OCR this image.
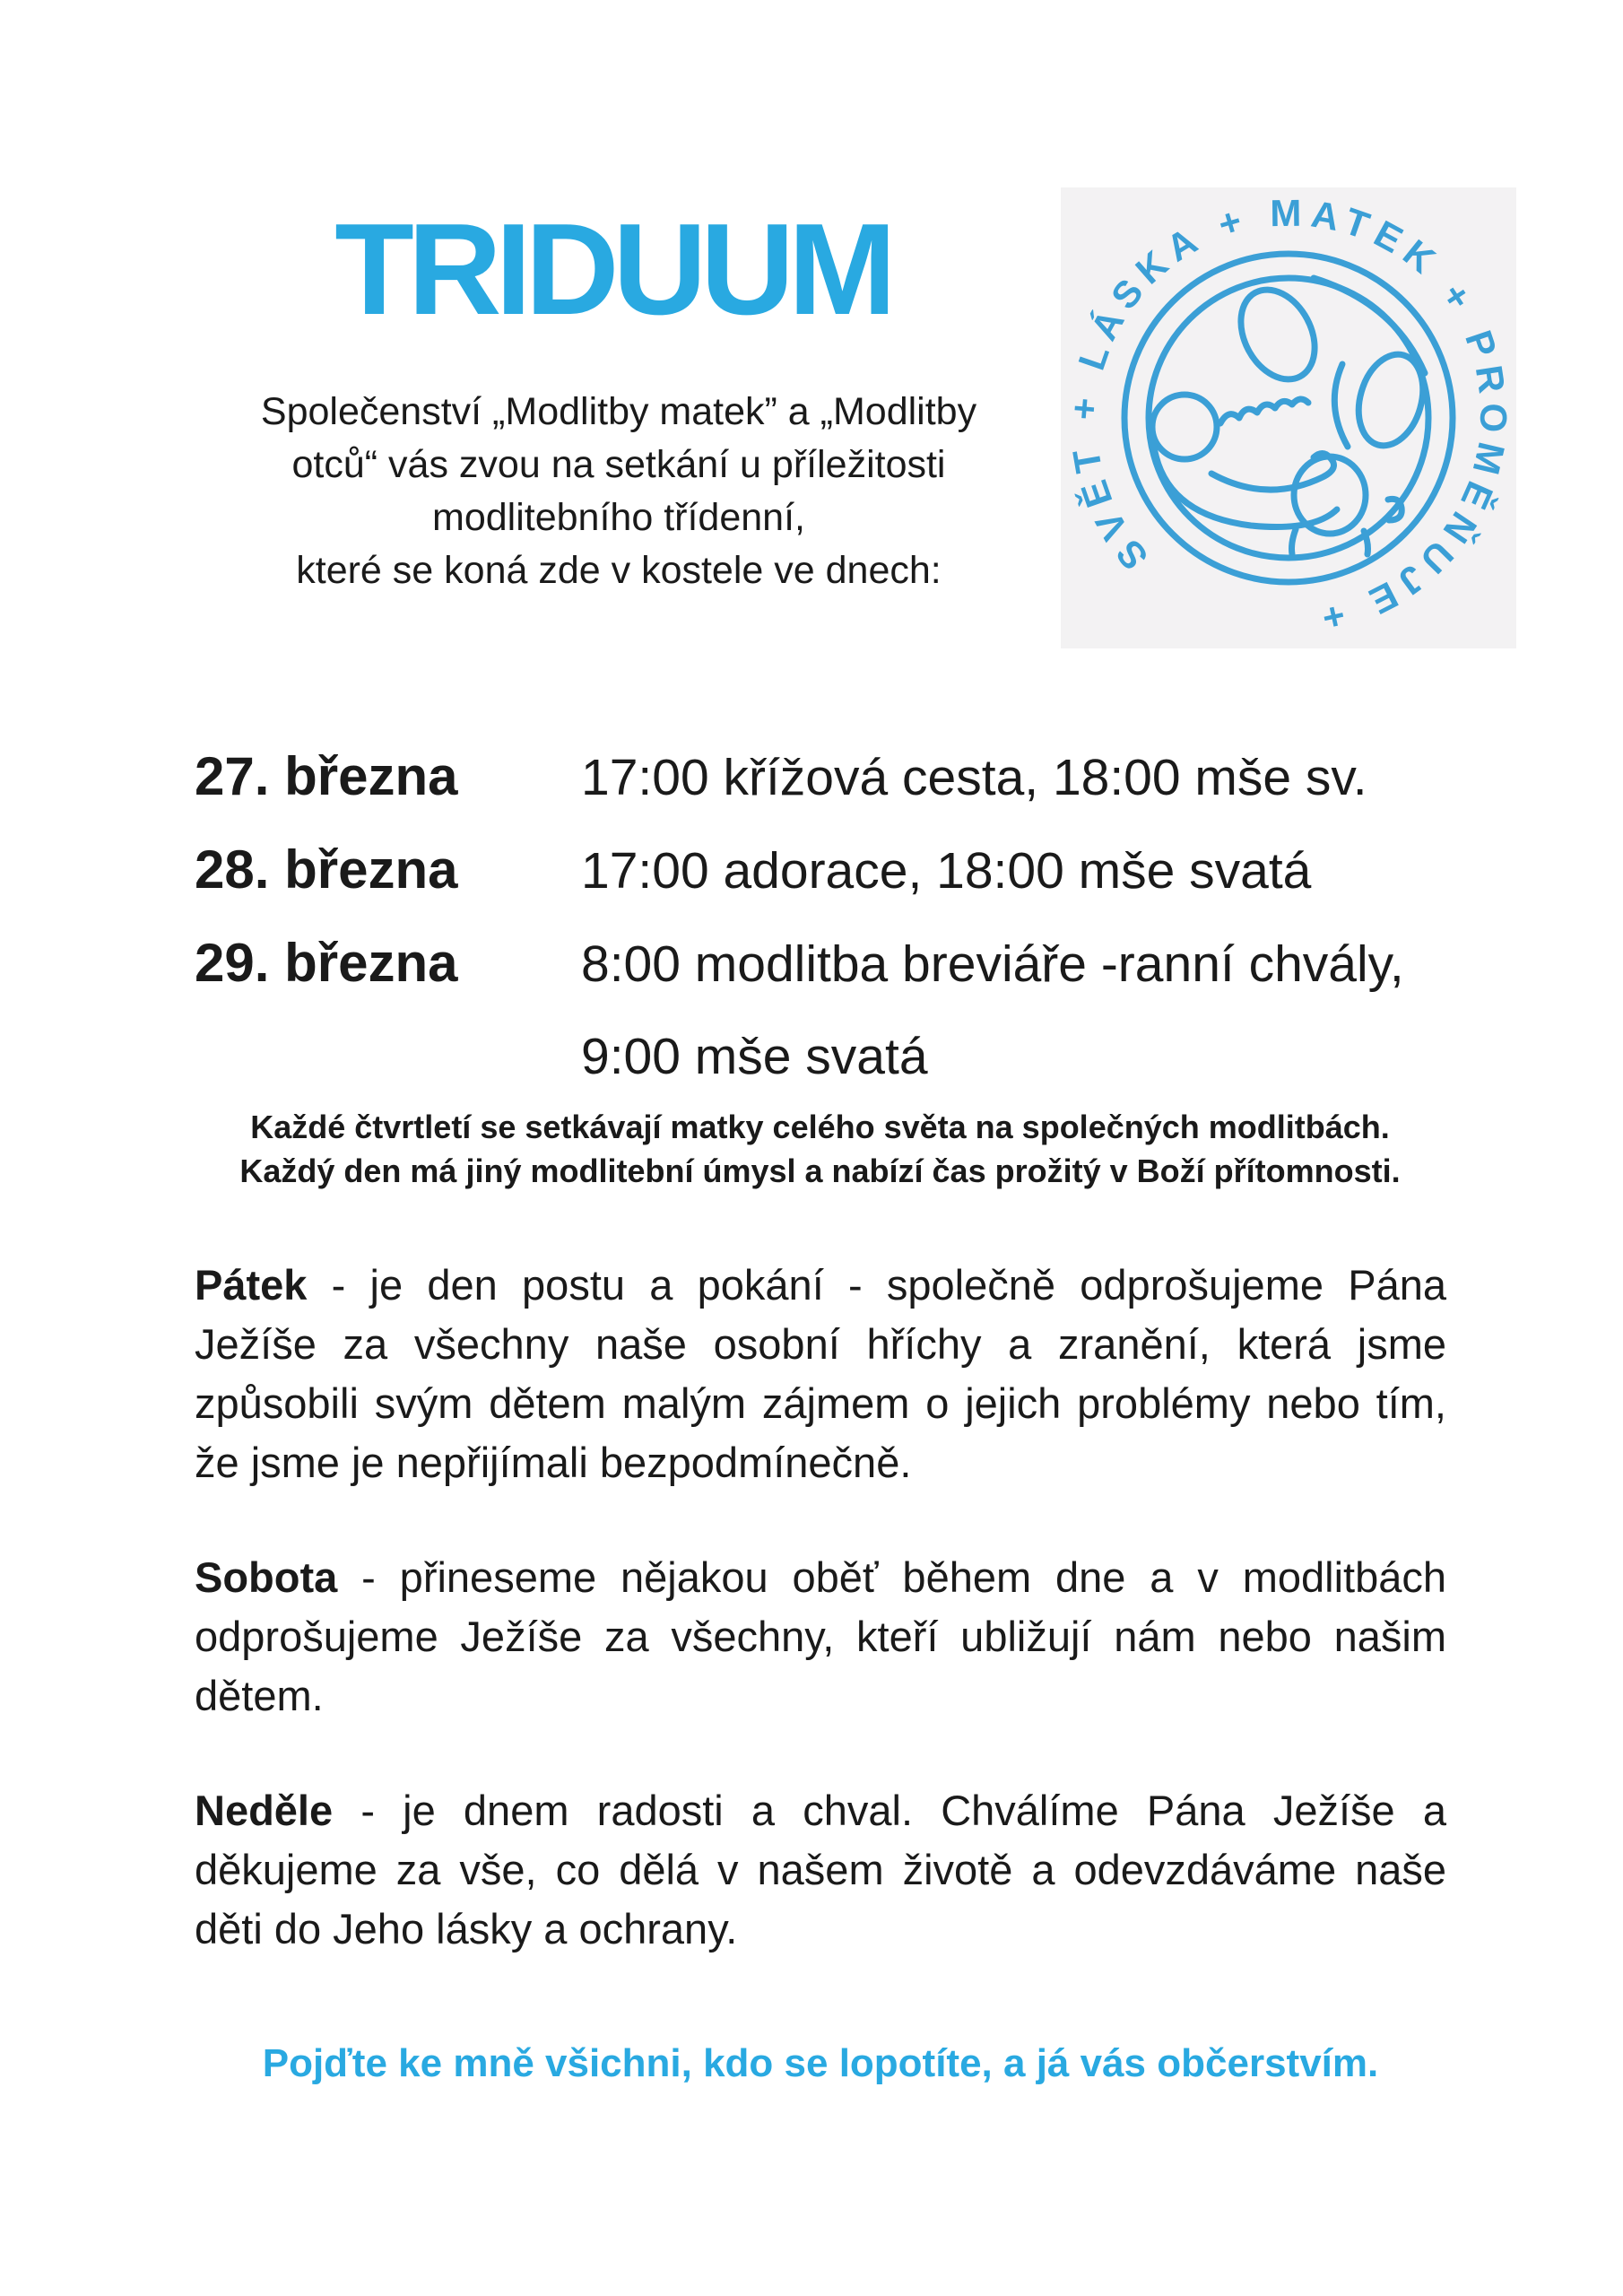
TRIDUUM
Společenství „Modlitby matek” a „Modlitby
otců“ vás zvou na setkání u příležitosti
modlitebního třídenní,
které se koná zde v kostele ve dnech:	SVĚT + LÁSKA + MATEK + PROMĚŇUJE +
27. března 17:00 křížová cesta, 18:00 mše sv.
28. března 17:00 adorace, 18:00 mše svatá
29. března 8:00 modlitba breviáře -ranní chvály,
9:00 mše svatá
Každé čtvrtletí se setkávají matky celého světa na společných modlitbách.
Každý den má jiný modlitební úmysl a nabízí čas prožitý v Boží přítomnosti.

Pátek - je den postu a pokání - společně odprošujeme Pána Ježíše za všechny naše osobní hříchy a zranění, která jsme způsobili svým dětem malým zájmem o jejich problémy nebo tím, že jsme je nepřijímali bezpodmínečně.

Sobota - přineseme nějakou oběť během dne a v modlitbách odprošujeme Ježíše za všechny, kteří ubližují nám nebo našim dětem.

Neděle - je dnem radosti a chval. Chválíme Pána Ježíše a děkujeme za vše, co dělá v našem životě a odevzdáváme naše děti do Jeho lásky a ochrany.

Pojďte ke mně všichni, kdo se lopotíte, a já vás občerstvím.
